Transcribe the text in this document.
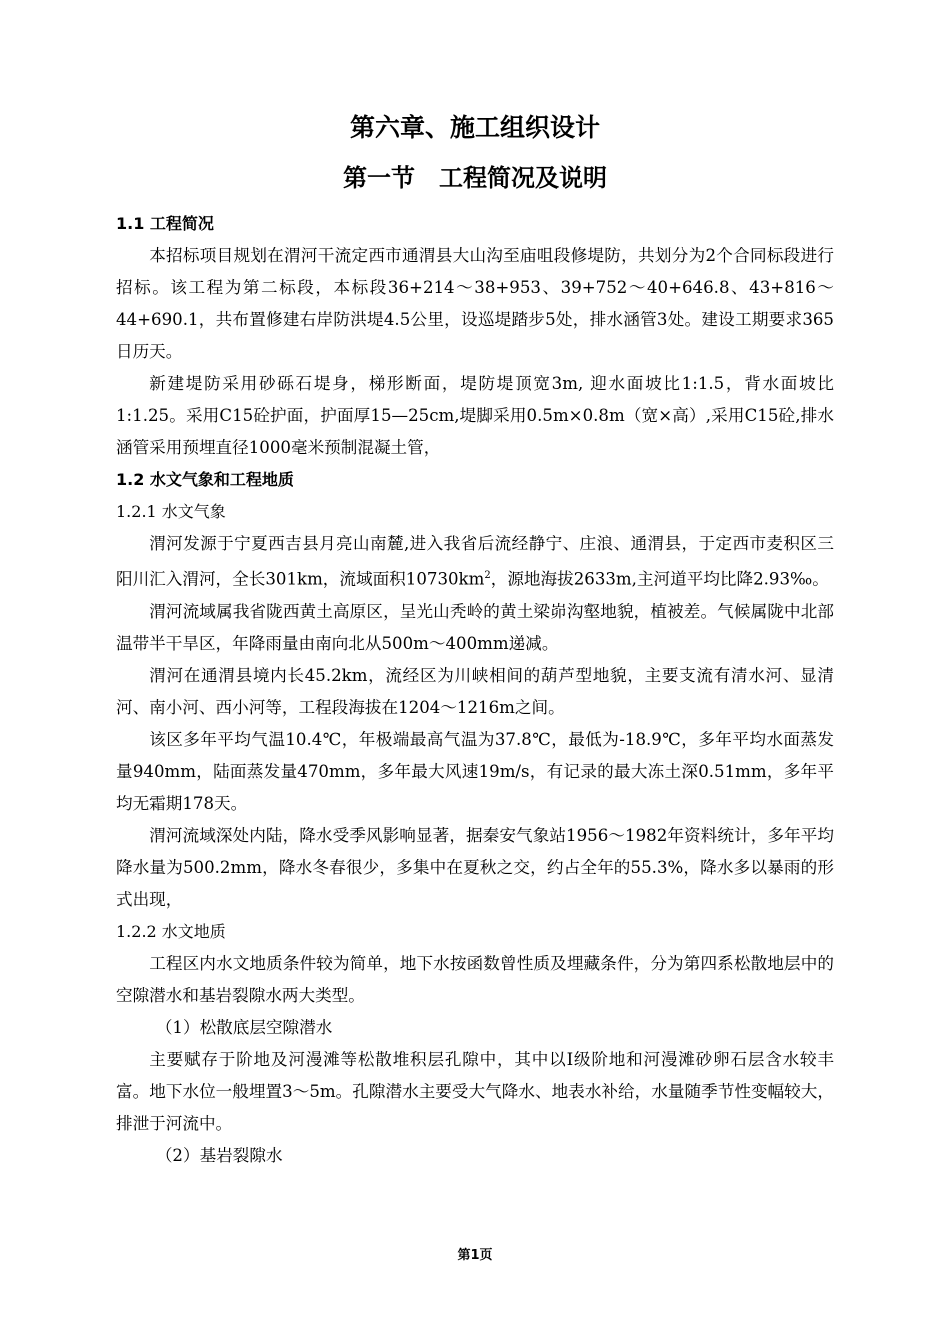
第六章、施工组织设计
第一节　工程简况及说明
1.1 工程简况

本招标项目规划在渭河干流定西市通渭县大山沟至庙咀段修堤防，共划分为2个合同标段进行招标。该工程为第二标段，本标段36+214～38+953、39+752～40+646.8、43+816～44+690.1，共布置修建右岸防洪堤4.5公里，设巡堤踏步5处，排水涵管3处。建设工期要求365日历天。

新建堤防采用砂砾石堤身，梯形断面，堤防堤顶宽3m, 迎水面坡比1:1.5，背水面坡比1:1.25。采用C15砼护面，护面厚15—25cm,堤脚采用0.5m×0.8m（宽×高）,采用C15砼,排水涵管采用预埋直径1000毫米预制混凝土管，

1.2 水文气象和工程地质
1.2.1 水文气象

渭河发源于宁夏西吉县月亮山南麓,进入我省后流经静宁、庄浪、通渭县，于定西市麦积区三阳川汇入渭河，全长301km，流域面积$10730km^2$，源地海拔2633m,主河道平均比降2.93‰。

渭河流域属我省陇西黄土高原区，呈光山秃岭的黄土梁峁沟壑地貌，植被差。气候属陇中北部温带半干旱区，年降雨量由南向北从500m～400mm递减。

渭河在通渭县境内长45.2km，流经区为川峡相间的葫芦型地貌，主要支流有清水河、显清河、南小河、西小河等，工程段海拔在1204～1216m之间。

该区多年平均气温10.4℃，年极端最高气温为37.8℃，最低为-18.9℃，多年平均水面蒸发量940mm，陆面蒸发量470mm，多年最大风速19m/s，有记录的最大冻土深0.51mm，多年平均无霜期178天。

渭河流域深处内陆，降水受季风影响显著，据秦安气象站1956～1982年资料统计，多年平均降水量为500.2mm，降水冬春很少，多集中在夏秋之交，约占全年的55.3%，降水多以暴雨的形式出现，

1.2.2 水文地质

工程区内水文地质条件较为简单，地下水按函数曾性质及埋藏条件，分为第四系松散地层中的空隙潜水和基岩裂隙水两大类型。

（1）松散底层空隙潜水

主要赋存于阶地及河漫滩等松散堆积层孔隙中，其中以Ⅰ级阶地和河漫滩砂卵石层含水较丰富。地下水位一般埋置3～5m。孔隙潜水主要受大气降水、地表水补给，水量随季节性变幅较大，排泄于河流中。

（2）基岩裂隙水

第1页
